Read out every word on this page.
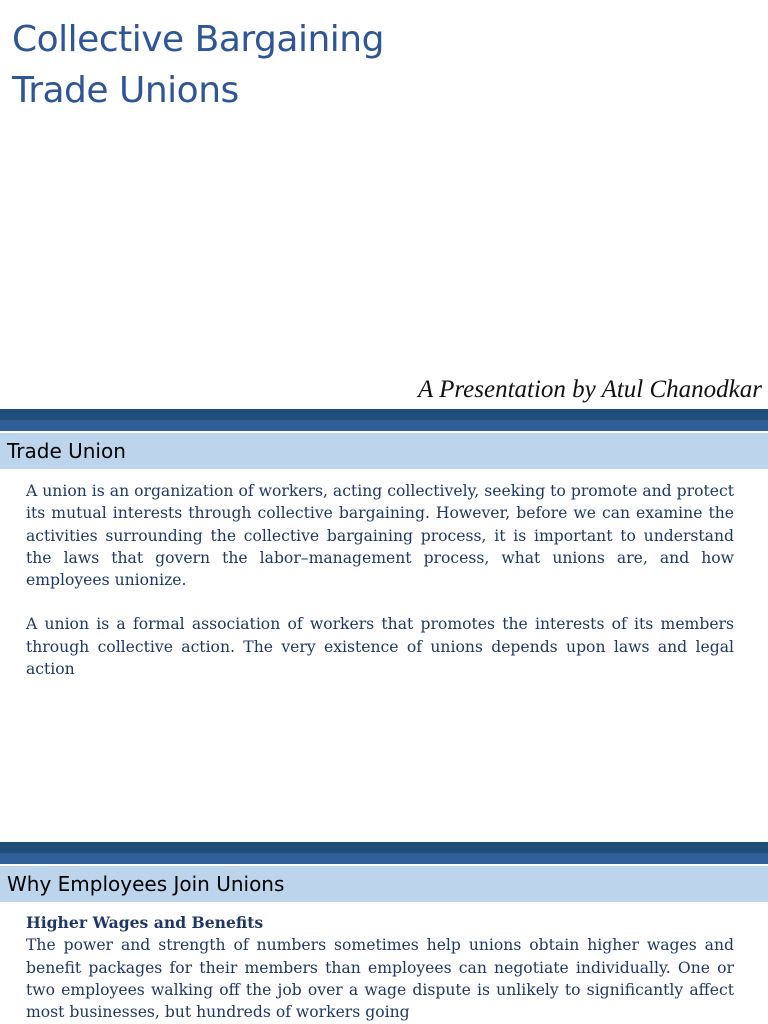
Collective Bargaining
Trade Unions
A Presentation by Atul Chanodkar
Trade Union

A union is an organization of workers, acting collectively, seeking to promote and protect its mutual interests through collective bargaining. However, before we can examine the activities surrounding the collective bargaining process, it is important to understand the laws that govern the labor–management process, what unions are, and how employees unionize.

A union is a formal association of workers that promotes the interests of its members through collective action. The very existence of unions depends upon laws and legal action

Why Employees Join Unions

Higher Wages and Benefits

The power and strength of numbers sometimes help unions obtain higher wages and benefit packages for their members than employees can negotiate individually. One or two employees walking off the job over a wage dispute is unlikely to significantly affect most businesses, but hundreds of workers going
